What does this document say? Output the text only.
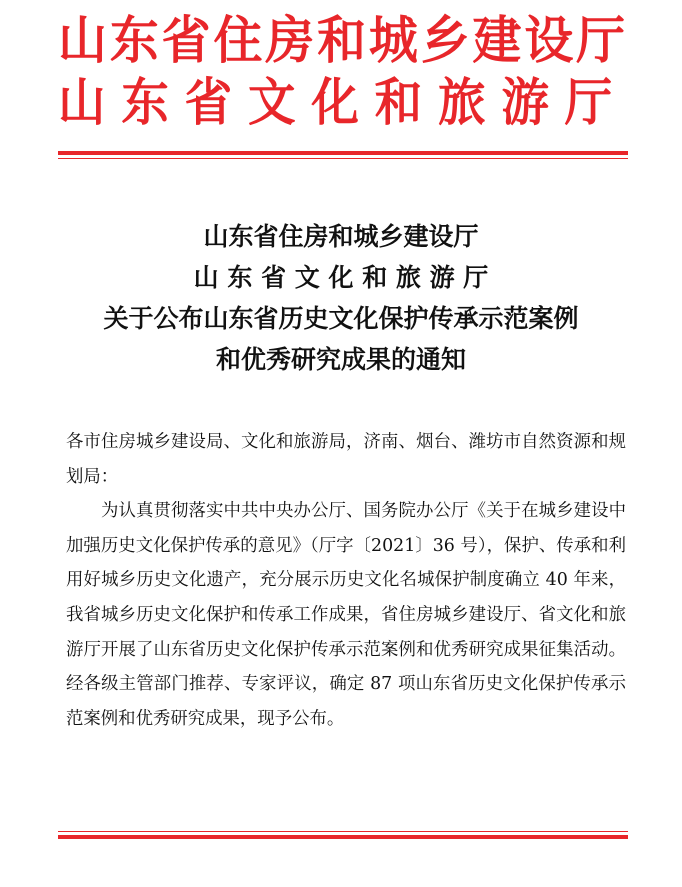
山东省住房和城乡建设厅
山东省文化和旅游厅
山东省住房和城乡建设厅
山 东 省 文 化 和 旅 游 厅
关于公布山东省历史文化保护传承示范案例
和优秀研究成果的通知

各市住房城乡建设局、文化和旅游局，济南、烟台、潍坊市自然资源和规划局：

为认真贯彻落实中共中央办公厅、国务院办公厅《关于在城乡建设中加强历史文化保护传承的意见》（厅字〔2021〕36 号），保护、传承和利用好城乡历史文化遗产，充分展示历史文化名城保护制度确立 40 年来，我省城乡历史文化保护和传承工作成果，省住房城乡建设厅、省文化和旅游厅开展了山东省历史文化保护传承示范案例和优秀研究成果征集活动。经各级主管部门推荐、专家评议，确定 87 项山东省历史文化保护传承示范案例和优秀研究成果，现予公布。
